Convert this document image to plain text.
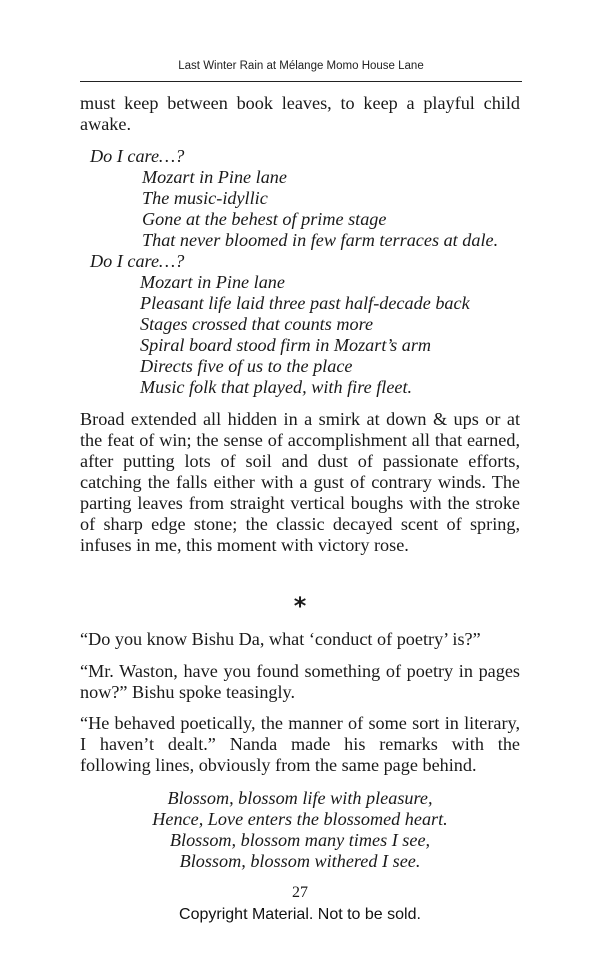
Last Winter Rain at Mélange Momo House Lane

must keep between book leaves, to keep a playful child awake.

Do I care…?
Mozart in Pine lane
The music-idyllic
Gone at the behest of prime stage
That never bloomed in few farm terraces at dale.
Do I care…?
Mozart in Pine lane
Pleasant life laid three past half-decade back
Stages crossed that counts more
Spiral board stood firm in Mozart’s arm
Directs five of us to the place
Music folk that played, with fire fleet.

Broad extended all hidden in a smirk at down & ups or at the feat of win; the sense of accomplishment all that earned, after putting lots of soil and dust of passionate efforts, catching the falls either with a gust of contrary winds. The parting leaves from straight vertical boughs with the stroke of sharp edge stone; the classic decayed scent of spring, infuses in me, this moment with victory rose.

*

“Do you know Bishu Da, what ‘conduct of poetry’ is?”

“Mr. Waston, have you found something of poetry in pages now?” Bishu spoke teasingly.

“He behaved poetically, the manner of some sort in literary, I haven’t dealt.” Nanda made his remarks with the following lines, obviously from the same page behind.

Blossom, blossom life with pleasure,
Hence, Love enters the blossomed heart.
Blossom, blossom many times I see,
Blossom, blossom withered I see.
27
Copyright Material. Not to be sold.
